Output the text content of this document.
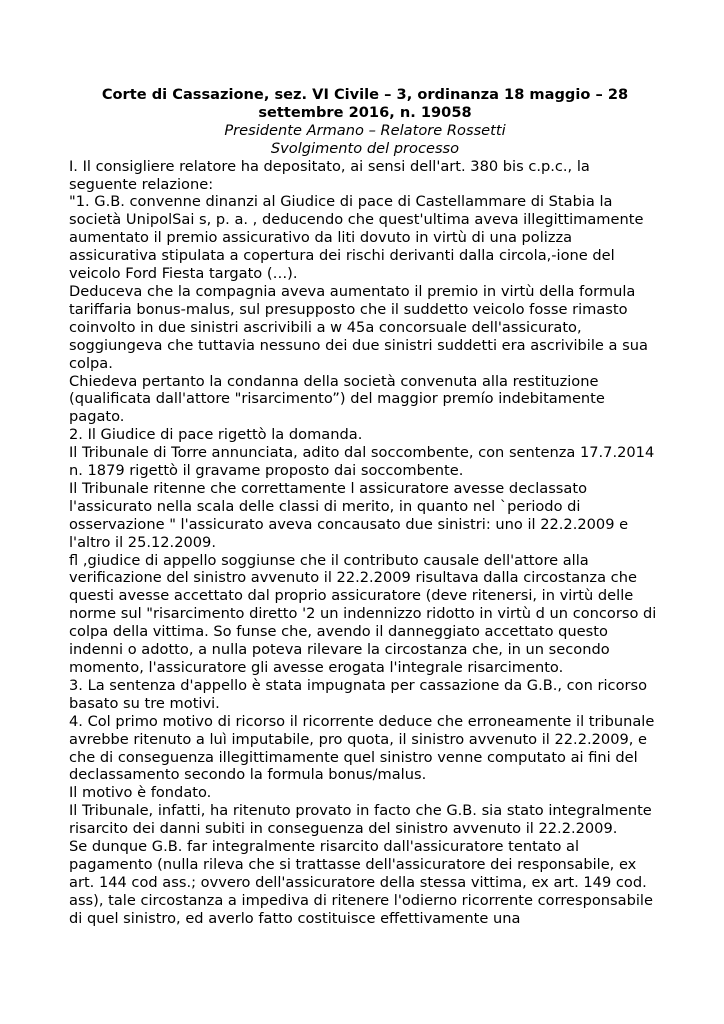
Corte di Cassazione, sez. VI Civile – 3, ordinanza 18 maggio – 28 settembre 2016, n. 19058

Presidente Armano – Relatore Rossetti

Svolgimento del processo

I. Il consigliere relatore ha depositato, ai sensi dell'art. 380 bis c.p.c., la seguente relazione:

"1. G.B. convenne dinanzi al Giudice di pace di Castellammare di Stabia la società UnipolSai s, p. a. , deducendo che quest'ultima aveva illegittimamente aumentato il premio assicurativo da liti dovuto in virtù di una polizza assicurativa stipulata a copertura dei rischi derivanti dalla circola,-ione del veicolo Ford Fiesta targato (…).

Deduceva che la compagnia aveva aumentato il premio in virtù della formula tariffaria bonus-malus, sul presupposto che il suddetto veicolo fosse rimasto coinvolto in due sinistri ascrivibili a w 45a concorsuale dell'assicurato, soggiungeva che tuttavia nessuno dei due sinistri suddetti era ascrivibile a sua colpa.

Chiedeva pertanto la condanna della società convenuta alla restituzione (qualificata dall'attore "risarcimento”) del maggior premío indebitamente pagato.

2. Il Giudice di pace rigettò la domanda.

Il Tribunale di Torre annunciata, adito dal soccombente, con sentenza 17.7.2014 n. 1879 rigettò il gravame proposto dai soccombente.

Il Tribunale ritenne che correttamente l assicuratore avesse declassato l'assicurato nella scala delle classi di merito, in quanto nel `periodo di osservazione " l'assicurato aveva concausato due sinistri: uno il 22.2.2009 e l'altro il 25.12.2009.

fl ,giudice di appello soggiunse che il contributo causale dell'attore alla verificazione del sinistro avvenuto il 22.2.2009 risultava dalla circostanza che questi avesse accettato dal proprio assicuratore (deve ritenersi, in virtù delle norme sul "risarcimento diretto '2 un indennizzo ridotto in virtù d un concorso di colpa della vittima. So funse che, avendo il danneggiato accettato questo indenni o adotto, a nulla poteva rilevare la circostanza che, in un secondo momento, l'assicuratore gli avesse erogata l'integrale risarcimento.

3. La sentenza d'appello è stata impugnata per cassazione da G.B., con ricorso basato su tre motivi.

4. Col primo motivo di ricorso il ricorrente deduce che erroneamente il tribunale avrebbe ritenuto a luì imputabile, pro quota, il sinistro avvenuto il 22.2.2009, e che di conseguenza illegittimamente quel sinistro venne computato ai fini del declassamento secondo la formula bonus/malus.

Il motivo è fondato.

Il Tribunale, infatti, ha ritenuto provato in facto che G.B. sia stato integralmente risarcito dei danni subiti in conseguenza del sinistro avvenuto il 22.2.2009.

Se dunque G.B. far integralmente risarcito dall'assicuratore tentato al pagamento (nulla rileva che si trattasse dell'assicuratore dei responsabile, ex art. 144 cod ass.; ovvero dell'assicuratore della stessa vittima, ex art. 149 cod. ass), tale circostanza a impediva di ritenere l'odierno ricorrente corresponsabile di quel sinistro, ed averlo fatto costituisce effettivamente una
